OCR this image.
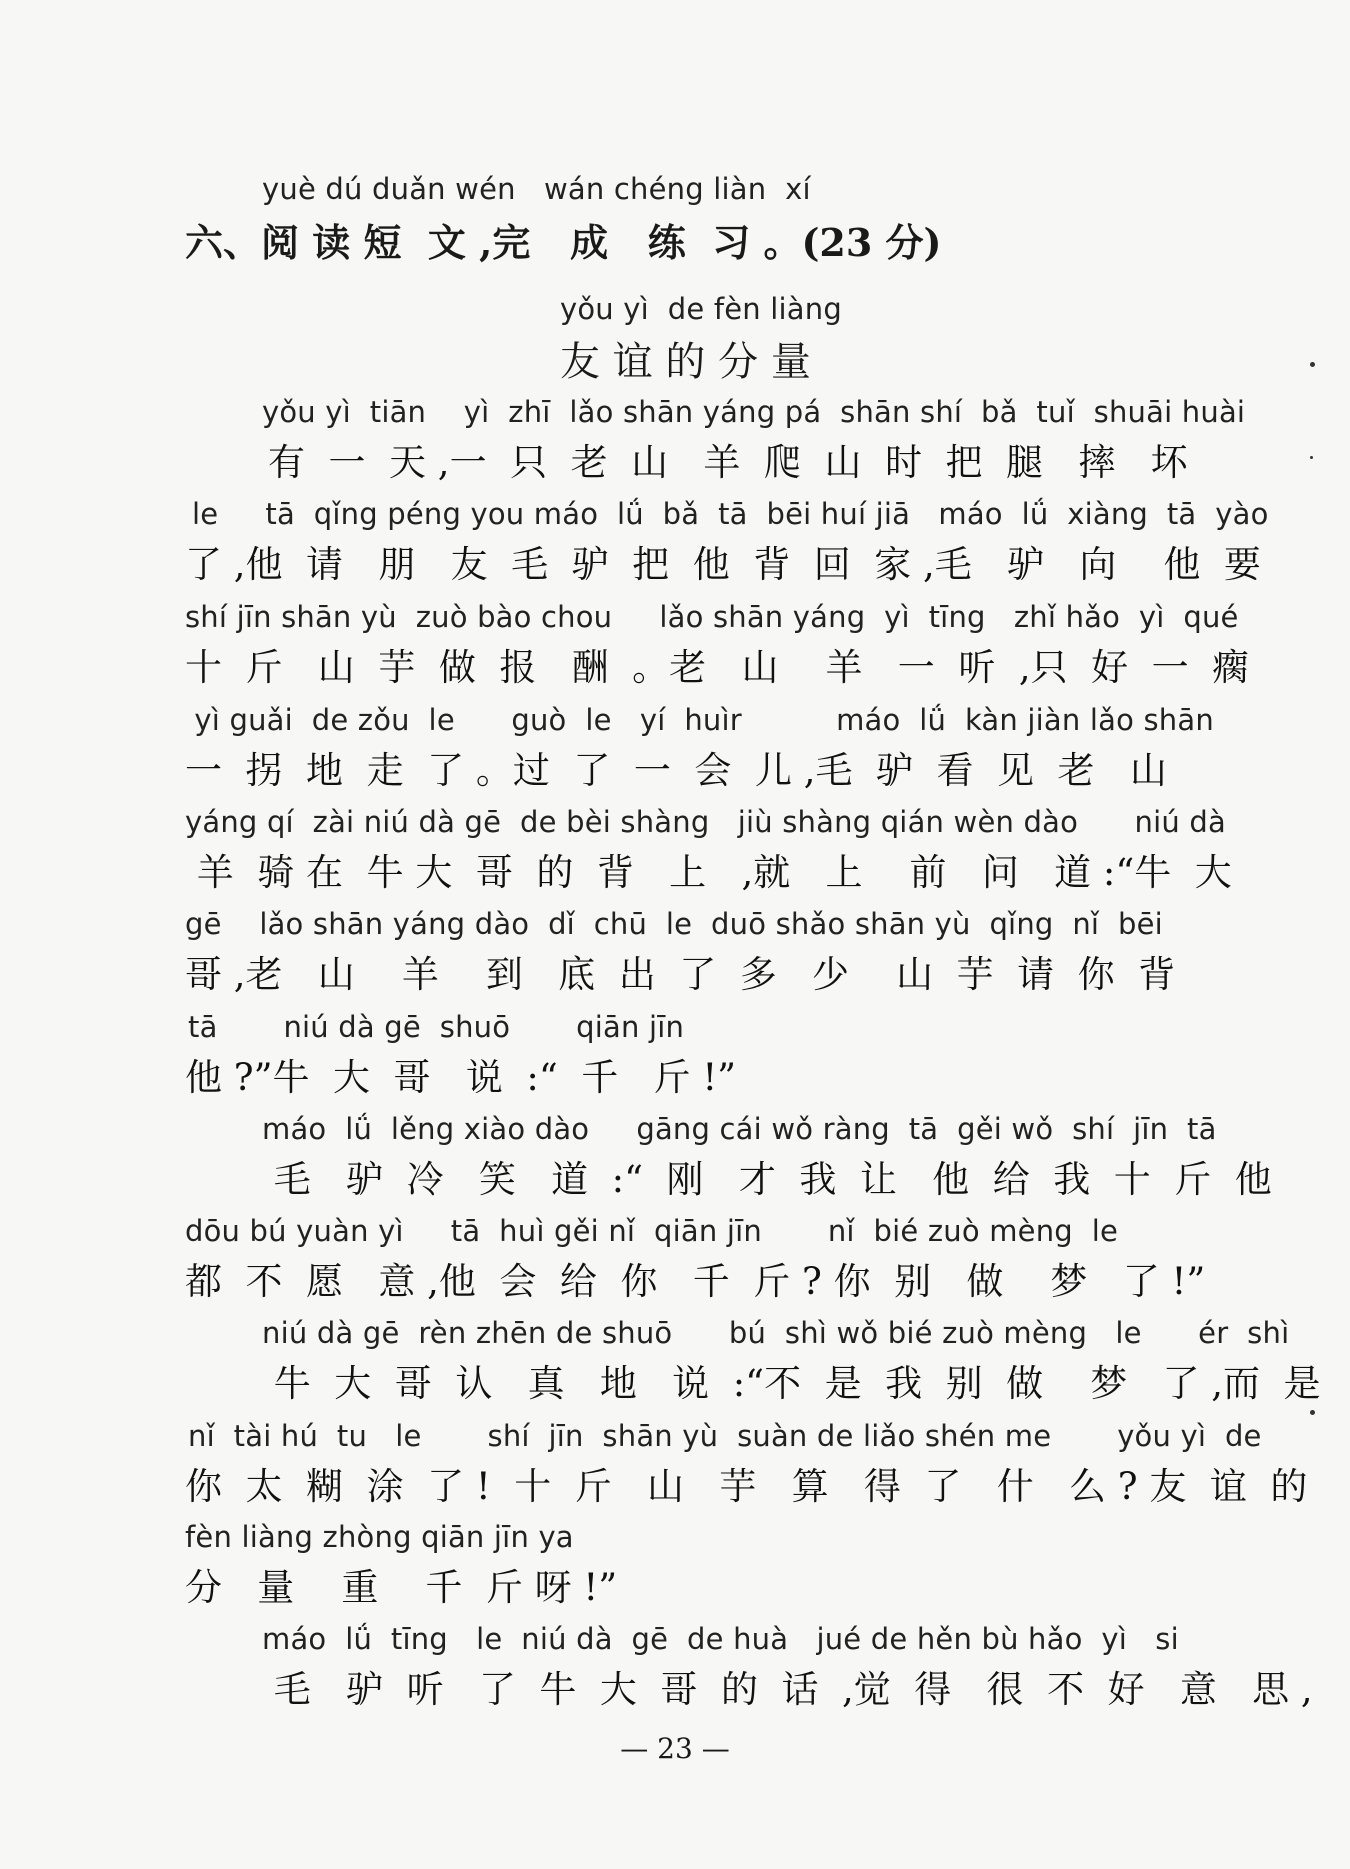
yuè dú duǎn wén   wán chéng liàn  xí
六、阅 读 短  文 ,完   成   练  习 。(23 分)
yǒu yì  de fèn liàng
友 谊 的 分 量
yǒu yì  tiān    yì  zhī  lǎo shān yáng pá  shān shí  bǎ  tuǐ  shuāi huài
有  一  天 ,一  只  老  山   羊  爬  山  时  把  腿   摔   坏
le     tā  qǐng péng you máo  lǘ  bǎ  tā  bēi huí jiā   máo  lǘ  xiàng  tā  yào
了 ,他  请   朋   友  毛  驴  把  他  背  回  家 ,毛   驴   向    他  要
shí jīn shān yù  zuò bào chou     lǎo shān yáng  yì  tīng   zhǐ hǎo  yì  qué
十  斤   山  芋  做  报   酬  。老   山    羊   一  听  ,只  好  一  瘸
yì guǎi  de zǒu  le      guò  le   yí  huìr          máo  lǘ  kàn jiàn lǎo shān
一  拐  地  走  了 。过  了  一  会  儿 ,毛  驴  看  见  老   山
yáng qí  zài niú dà gē  de bèi shàng   jiù shàng qián wèn dào      niú dà
羊  骑 在  牛 大  哥  的  背   上   ,就   上    前   问   道 :“牛  大
gē    lǎo shān yáng dào  dǐ  chū  le  duō shǎo shān yù  qǐng  nǐ  bēi
哥 ,老   山    羊    到   底  出  了  多   少    山  芋  请  你  背
tā       niú dà gē  shuō       qiān jīn
他 ?”牛  大  哥   说  :“  千   斤 !”
máo  lǘ  lěng xiào dào     gāng cái wǒ ràng  tā  gěi wǒ  shí  jīn  tā
毛   驴  冷   笑   道  :“  刚   才  我  让   他  给  我  十  斤  他
dōu bú yuàn yì     tā  huì gěi nǐ  qiān jīn       nǐ  bié zuò mèng  le
都  不  愿   意 ,他  会  给  你   千  斤 ? 你  别   做    梦   了 !”
niú dà gē  rèn zhēn de shuō      bú  shì wǒ bié zuò mèng   le      ér  shì
牛  大  哥  认   真   地   说  :“不  是  我  别  做    梦   了 ,而  是
nǐ  tài hú  tu   le       shí  jīn  shān yù  suàn de liǎo shén me       yǒu yì  de
你  太  糊  涂  了 !  十  斤   山   芋   算   得  了   什   么 ? 友  谊  的
fèn liàng zhòng qiān jīn ya
分   量    重    千  斤 呀 !”
máo  lǘ  tīng   le  niú dà  gē  de huà   jué de hěn bù hǎo  yì   si
毛   驴  听   了  牛  大  哥  的  话  ,觉  得   很  不  好   意   思 ,
— 23 —
